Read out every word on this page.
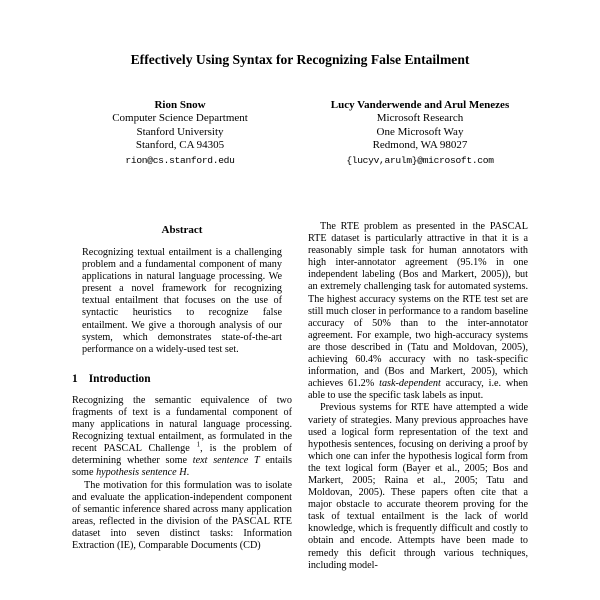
Effectively Using Syntax for Recognizing False Entailment
Rion Snow
Computer Science Department
Stanford University
Stanford, CA 94305
rion@cs.stanford.edu
Lucy Vanderwende and Arul Menezes
Microsoft Research
One Microsoft Way
Redmond, WA 98027
{lucyv,arulm}@microsoft.com
Abstract

Recognizing textual entailment is a challenging problem and a fundamental component of many applications in natural language processing. We present a novel framework for recognizing textual entailment that focuses on the use of syntactic heuristics to recognize false entailment. We give a thorough analysis of our system, which demonstrates state-of-the-art performance on a widely-used test set.

1 Introduction

Recognizing the semantic equivalence of two fragments of text is a fundamental component of many applications in natural language processing. Recognizing textual entailment, as formulated in the recent PASCAL Challenge $^1$, is the problem of determining whether some text sentence T entails some hypothesis sentence H.

The motivation for this formulation was to isolate and evaluate the application-independent component of semantic inference shared across many application areas, reflected in the division of the PASCAL RTE dataset into seven distinct tasks: Information Extraction (IE), Comparable Documents (CD)

The RTE problem as presented in the PASCAL RTE dataset is particularly attractive in that it is a reasonably simple task for human annotators with high inter-annotator agreement (95.1% in one independent labeling (Bos and Markert, 2005)), but an extremely challenging task for automated systems. The highest accuracy systems on the RTE test set are still much closer in performance to a random baseline accuracy of 50% than to the inter-annotator agreement. For example, two high-accuracy systems are those described in (Tatu and Moldovan, 2005), achieving 60.4% accuracy with no task-specific information, and (Bos and Markert, 2005), which achieves 61.2% task-dependent accuracy, i.e. when able to use the specific task labels as input.

Previous systems for RTE have attempted a wide variety of strategies. Many previous approaches have used a logical form representation of the text and hypothesis sentences, focusing on deriving a proof by which one can infer the hypothesis logical form from the text logical form (Bayer et al., 2005; Bos and Markert, 2005; Raina et al., 2005; Tatu and Moldovan, 2005). These papers often cite that a major obstacle to accurate theorem proving for the task of textual entailment is the lack of world knowledge, which is frequently difficult and costly to obtain and encode. Attempts have been made to remedy this deficit through various techniques, including model-
